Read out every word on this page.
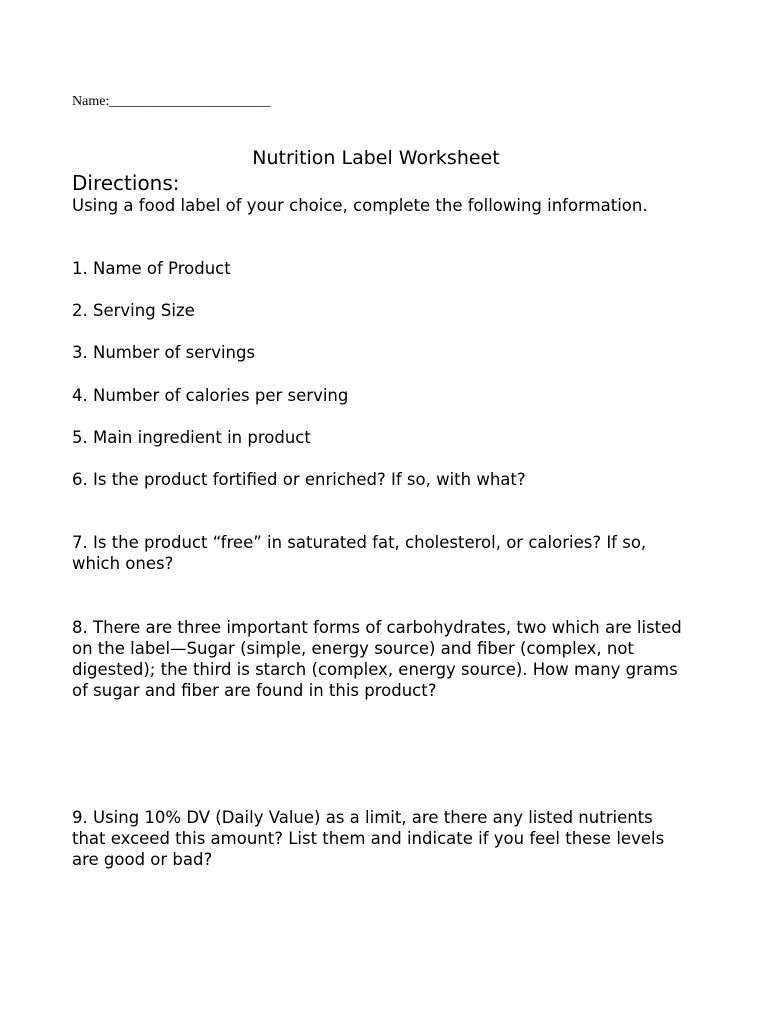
Name:_______________________
Nutrition Label Worksheet
Directions:
Using a food label of your choice, complete the following information.
1. Name of Product
2. Serving Size
3. Number of servings
4. Number of calories per serving
5. Main ingredient in product
6. Is the product fortified or enriched? If so, with what?
7. Is the product “free” in saturated fat, cholesterol, or calories? If so, which ones?
8. There are three important forms of carbohydrates, two which are listed on the label—Sugar (simple, energy source) and fiber (complex, not digested); the third is starch (complex, energy source). How many grams of sugar and fiber are found in this product?
9. Using 10% DV (Daily Value) as a limit, are there any listed nutrients that exceed this amount? List them and indicate if you feel these levels are good or bad?
